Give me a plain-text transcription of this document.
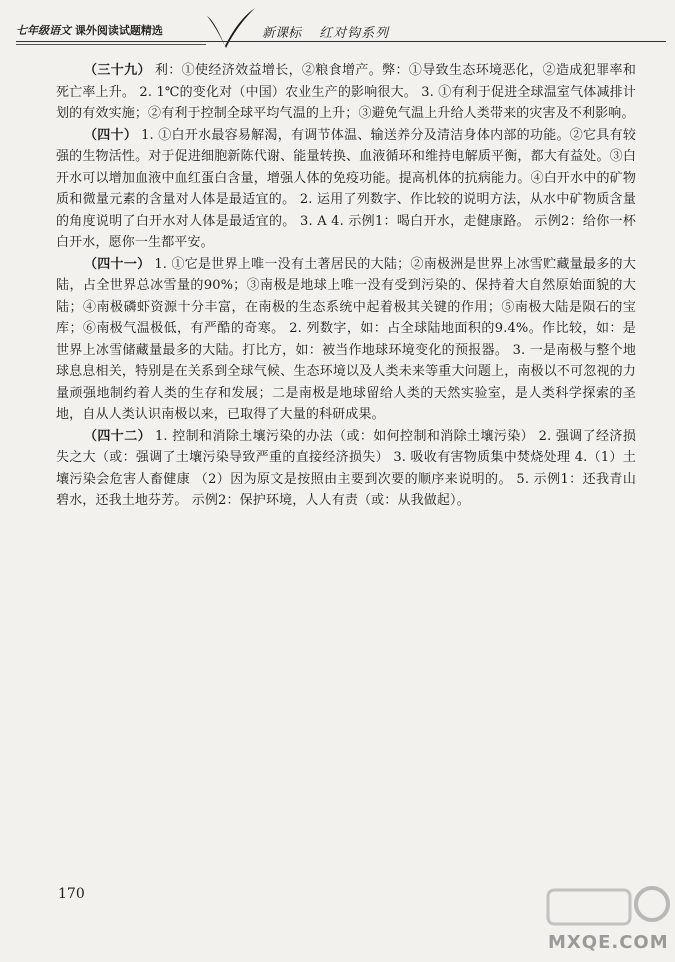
七年级语文 课外阅读试题精选	新课标 红对钩系列

（三十九） 利：①使经济效益增长，②粮食增产。弊：①导致生态环境恶化，②造成犯罪率和死亡率上升。 2. 1℃的变化对（中国）农业生产的影响很大。 3. ①有利于促进全球温室气体减排计划的有效实施；②有利于控制全球平均气温的上升；③避免气温上升给人类带来的灾害及不利影响。

（四十） 1. ①白开水最容易解渴，有调节体温、输送养分及清洁身体内部的功能。②它具有较强的生物活性。对于促进细胞新陈代谢、能量转换、血液循环和维持电解质平衡，都大有益处。③白开水可以增加血液中血红蛋白含量，增强人体的免疫功能。提高机体的抗病能力。④白开水中的矿物质和微量元素的含量对人体是最适宜的。 2. 运用了列数字、作比较的说明方法，从水中矿物质含量的角度说明了白开水对人体是最适宜的。 3. A 4. 示例1：喝白开水，走健康路。 示例2：给你一杯白开水，愿你一生都平安。

（四十一） 1. ①它是世界上唯一没有土著居民的大陆；②南极洲是世界上冰雪贮藏量最多的大陆，占全世界总冰雪量的90%；③南极是地球上唯一没有受到污染的、保持着大自然原始面貌的大陆；④南极磷虾资源十分丰富，在南极的生态系统中起着极其关键的作用；⑤南极大陆是陨石的宝库；⑥南极气温极低，有严酷的奇寒。 2. 列数字，如：占全球陆地面积的9.4%。作比较，如：是世界上冰雪储藏量最多的大陆。打比方，如：被当作地球环境变化的预报器。 3. 一是南极与整个地球息息相关，特别是在关系到全球气候、生态环境以及人类未来等重大问题上，南极以不可忽视的力量顽强地制约着人类的生存和发展；二是南极是地球留给人类的天然实验室，是人类科学探索的圣地，自从人类认识南极以来，已取得了大量的科研成果。

（四十二） 1. 控制和消除土壤污染的办法（或：如何控制和消除土壤污染） 2. 强调了经济损失之大（或：强调了土壤污染导致严重的直接经济损失） 3. 吸收有害物质集中焚烧处理 4.（1）土壤污染会危害人畜健康 （2）因为原文是按照由主要到次要的顺序来说明的。 5. 示例1：还我青山碧水，还我土地芬芳。 示例2：保护环境，人人有责（或：从我做起）。

170
MXQE.COM
